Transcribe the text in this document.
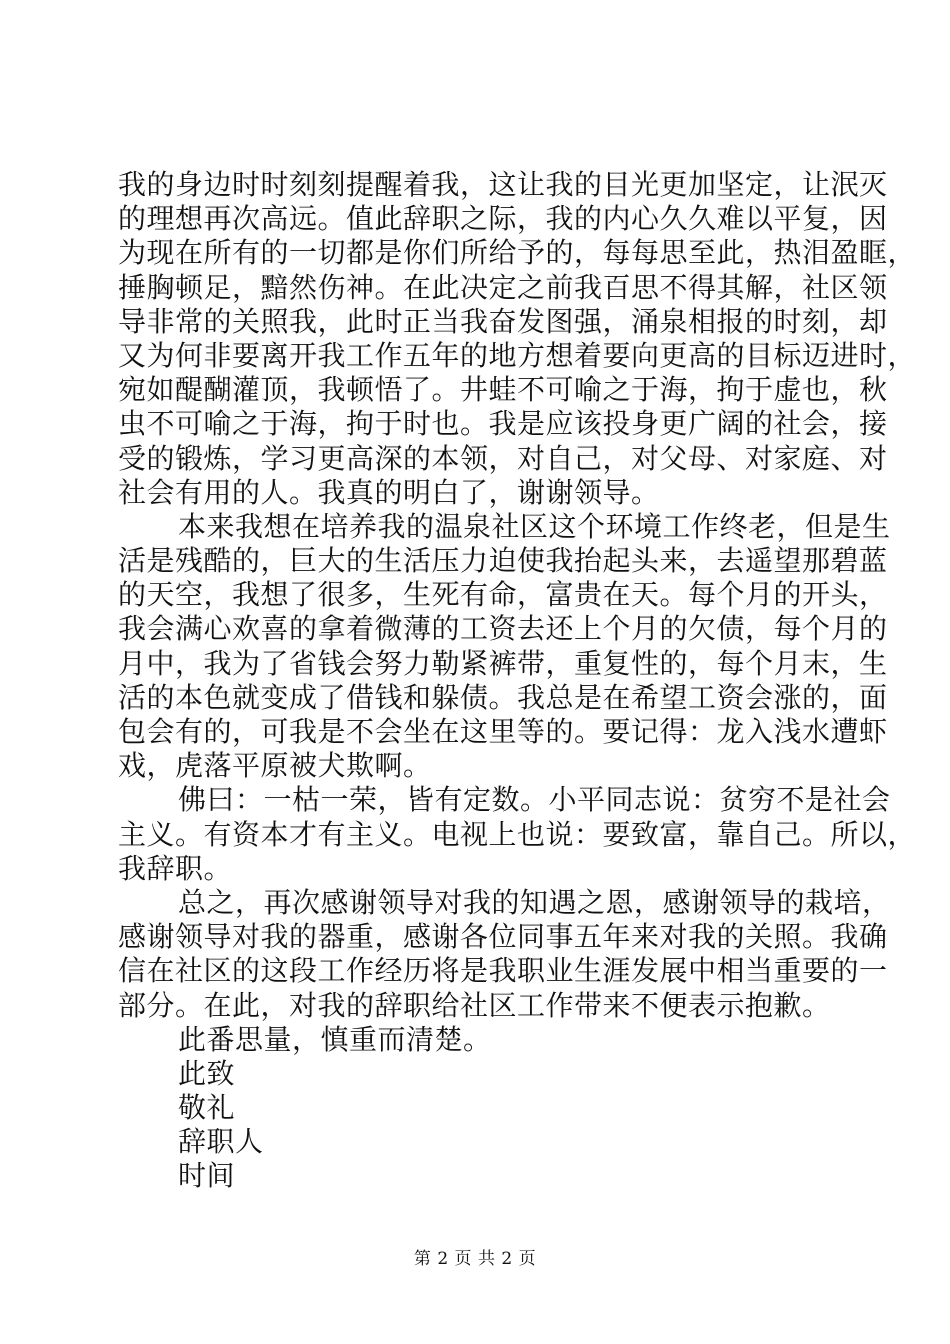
我的身边时时刻刻提醒着我，这让我的目光更加坚定，让泯灭
的理想再次高远。值此辞职之际，我的内心久久难以平复，因
为现在所有的一切都是你们所给予的，每每思至此，热泪盈眶，
捶胸顿足，黯然伤神。在此决定之前我百思不得其解，社区领
导非常的关照我，此时正当我奋发图强，涌泉相报的时刻，却
又为何非要离开我工作五年的地方想着要向更高的目标迈进时，
宛如醍醐灌顶，我顿悟了。井蛙不可喻之于海，拘于虚也，秋
虫不可喻之于海，拘于时也。我是应该投身更广阔的社会，接
受的锻炼，学习更高深的本领，对自己，对父母、对家庭、对
社会有用的人。我真的明白了，谢谢领导。
本来我想在培养我的温泉社区这个环境工作终老，但是生
活是残酷的，巨大的生活压力迫使我抬起头来，去遥望那碧蓝
的天空，我想了很多，生死有命，富贵在天。每个月的开头，
我会满心欢喜的拿着微薄的工资去还上个月的欠债，每个月的
月中，我为了省钱会努力勒紧裤带，重复性的，每个月末，生
活的本色就变成了借钱和躲债。我总是在希望工资会涨的，面
包会有的，可我是不会坐在这里等的。要记得：龙入浅水遭虾
戏，虎落平原被犬欺啊。
佛曰：一枯一荣，皆有定数。小平同志说：贫穷不是社会
主义。有资本才有主义。电视上也说：要致富，靠自己。所以，
我辞职。
总之，再次感谢领导对我的知遇之恩，感谢领导的栽培，
感谢领导对我的器重，感谢各位同事五年来对我的关照。我确
信在社区的这段工作经历将是我职业生涯发展中相当重要的一
部分。在此，对我的辞职给社区工作带来不便表示抱歉。
此番思量，慎重而清楚。
此致
敬礼
辞职人
时间
第 2 页 共 2 页
